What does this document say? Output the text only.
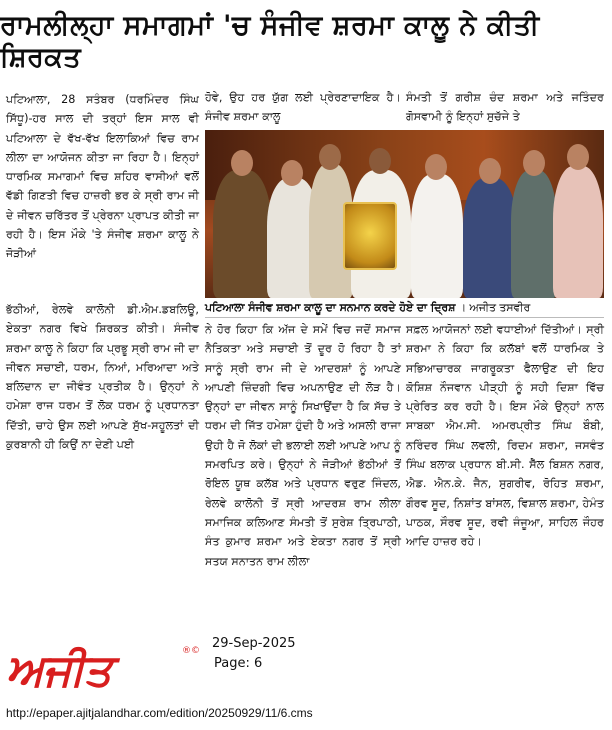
ਰਾਮਲੀਲ੍ਹਾ ਸਮਾਗਮਾਂ 'ਚ ਸੰਜੀਵ ਸ਼ਰਮਾ ਕਾਲੂ ਨੇ ਕੀਤੀ ਸ਼ਿਰਕਤ

ਪਟਿਆਲਾ, 28 ਸਤੰਬਰ (ਧਰਮਿੰਦਰ ਸਿੰਘ ਸਿੱਧੂ)-ਹਰ ਸਾਲ ਦੀ ਤਰ੍ਹਾਂ ਇਸ ਸਾਲ ਵੀ ਪਟਿਆਲਾ ਦੇ ਵੱਖ-ਵੱਖ ਇਲਾਕਿਆਂ ਵਿਚ ਰਾਮ ਲੀਲਾ ਦਾ ਆਯੋਜਨ ਕੀਤਾ ਜਾ ਰਿਹਾ ਹੈ। ਇਨ੍ਹਾਂ ਧਾਰਮਿਕ ਸਮਾਗਮਾਂ ਵਿਚ ਸ਼ਹਿਰ ਵਾਸੀਆਂ ਵਲੋਂ ਵੱਡੀ ਗਿਣਤੀ ਵਿਚ ਹਾਜ਼ਰੀ ਭਰ ਕੇ ਸ੍ਰੀ ਰਾਮ ਜੀ ਦੇ ਜੀਵਨ ਚਰਿੱਤਰ ਤੋਂ ਪ੍ਰੇਰਨਾ ਪ੍ਰਾਪਤ ਕੀਤੀ ਜਾ ਰਹੀ ਹੈ। ਇਸ ਮੌਕੇ 'ਤੇ ਸੰਜੀਵ ਸ਼ਰਮਾ ਕਾਲੂ ਨੇ ਜੋੜੀਆਂ

ਭੱਠੀਆਂ, ਰੇਲਵੇ ਕਾਲੋਨੀ ਡੀ.ਐਮ.ਡਬਲਿਊ, ਏਕਤਾ ਨਗਰ ਵਿਖੇ ਸ਼ਿਰਕਤ ਕੀਤੀ। ਸੰਜੀਵ ਸ਼ਰਮਾ ਕਾਲੂ ਨੇ ਕਿਹਾ ਕਿ ਪ੍ਰਭੂ ਸ੍ਰੀ ਰਾਮ ਜੀ ਦਾ ਜੀਵਨ ਸਚਾਈ, ਧਰਮ, ਨਿਆਂ, ਮਰਿਆਦਾ ਅਤੇ ਬਲਿਦਾਨ ਦਾ ਜੀਵੰਤ ਪ੍ਰਤੀਕ ਹੈ। ਉਨ੍ਹਾਂ ਨੇ ਹਮੇਸ਼ਾ ਰਾਜ ਧਰਮ ਤੋਂ ਲੋਕ ਧਰਮ ਨੂੰ ਪ੍ਰਧਾਨਤਾ ਦਿੱਤੀ, ਚਾਹੇ ਉਸ ਲਈ ਆਪਣੇ ਸੁੱਖ-ਸਹੂਲਤਾਂ ਦੀ ਕੁਰਬਾਨੀ ਹੀ ਕਿਉਂ ਨਾ ਦੇਣੀ ਪਈ

ਹੋਵੇ, ਉਹ ਹਰ ਯੁੱਗ ਲਈ ਪ੍ਰੇਰਣਾਦਾਇਕ ਹੈ। ਸੰਜੀਵ ਸ਼ਰਮਾ ਕਾਲੂ

ਸੰਮਤੀ ਤੋਂ ਗਰੀਸ਼ ਚੰਦ ਸ਼ਰਮਾ ਅਤੇ ਜਤਿੰਦਰ ਗੋਸਵਾਮੀ ਨੂੰ ਇਨ੍ਹਾਂ ਸੁਚੱਜੇ ਤੇ

ਪਟਿਆਲਾ ਸੰਜੀਵ ਸ਼ਰਮਾ ਕਾਲੂ ਦਾ ਸਨਮਾਨ ਕਰਦੇ ਹੋਏ ਦਾ ਦ੍ਰਿਸ਼ । ਅਜੀਤ ਤਸਵੀਰ

ਨੇ ਹੋਰ ਕਿਹਾ ਕਿ ਅੱਜ ਦੇ ਸਮੇਂ ਵਿਚ ਜਦੋਂ ਸਮਾਜ ਨੈਤਿਕਤਾ ਅਤੇ ਸਚਾਈ ਤੋਂ ਦੂਰ ਹੋ ਰਿਹਾ ਹੈ ਤਾਂ ਸਾਨੂੰ ਸ੍ਰੀ ਰਾਮ ਜੀ ਦੇ ਆਦਰਸ਼ਾਂ ਨੂੰ ਆਪਣੇ ਆਪਣੀ ਜ਼ਿੰਦਗੀ ਵਿਚ ਅਪਨਾਉਣ ਦੀ ਲੋੜ ਹੈ। ਉਨ੍ਹਾਂ ਦਾ ਜੀਵਨ ਸਾਨੂੰ ਸਿਖਾਉਂਦਾ ਹੈ ਕਿ ਸੱਚ ਤੇ ਧਰਮ ਦੀ ਜਿੱਤ ਹਮੇਸ਼ਾ ਹੁੰਦੀ ਹੈ ਅਤੇ ਅਸਲੀ ਰਾਜਾ ਉਹੀ ਹੈ ਜੋ ਲੋਕਾਂ ਦੀ ਭਲਾਈ ਲਈ ਆਪਣੇ ਆਪ ਨੂੰ ਸਮਰਪਿਤ ਕਰੇ। ਉਨ੍ਹਾਂ ਨੇ ਜੋੜੀਆਂ ਭੱਠੀਆਂ ਤੋਂ ਰੋਇਲ ਯੂਥ ਕਲੱਬ ਅਤੇ ਪ੍ਰਧਾਨ ਵਰੁਣ ਜਿੰਦਲ, ਰੇਲਵੇ ਕਾਲੋਨੀ ਤੋਂ ਸ੍ਰੀ ਆਦਰਸ਼ ਰਾਮ ਲੀਲਾ ਸਮਾਜਿਕ ਕਲਿਆਣ ਸੰਮਤੀ ਤੋਂ ਸੁਰੇਸ਼ ਤ੍ਰਿਪਾਠੀ, ਸੰਤ ਕੁਮਾਰ ਸ਼ਰਮਾ ਅਤੇ ਏਕਤਾ ਨਗਰ ਤੋਂ ਸ੍ਰੀ ਸਤਯ ਸਨਾਤਨ ਰਾਮ ਲੀਲਾ

ਸਫ਼ਲ ਆਯੋਜਨਾਂ ਲਈ ਵਧਾਈਆਂ ਦਿੱਤੀਆਂ। ਸ੍ਰੀ ਸ਼ਰਮਾ ਨੇ ਕਿਹਾ ਕਿ ਕਲੱਬਾਂ ਵਲੋਂ ਧਾਰਮਿਕ ਤੇ ਸਭਿਆਚਾਰਕ ਜਾਗਰੂਕਤਾ ਫੈਲਾਉਣ ਦੀ ਇਹ ਕੋਸ਼ਿਸ਼ ਨੌਜਵਾਨ ਪੀੜ੍ਹੀ ਨੂੰ ਸਹੀ ਦਿਸ਼ਾ ਵਿੱਚ ਪ੍ਰੇਰਿਤ ਕਰ ਰਹੀ ਹੈ। ਇਸ ਮੌਕੇ ਉਨ੍ਹਾਂ ਨਾਲ ਸਾਬਕਾ ਐਮ.ਸੀ. ਅਮਰਪ੍ਰੀਤ ਸਿੰਘ ਬੌਬੀ, ਨਰਿੰਦਰ ਸਿੰਘ ਲਵਲੀ, ਰਿਦਮ ਸ਼ਰਮਾ, ਜਸਵੰਤ ਸਿੰਘ ਬਲਾਕ ਪ੍ਰਧਾਨ ਬੀ.ਸੀ. ਸੈੱਲ ਬਿਸ਼ਨ ਨਗਰ, ਐਡ. ਐਨ.ਕੇ. ਜੈਨ, ਸੁਗਰੀਵ, ਰੋਹਿਤ ਸ਼ਰਮਾ, ਗੌਰਵ ਸੂਦ, ਨਿਸ਼ਾਂਤ ਬਾਂਸਲ, ਵਿਸ਼ਾਲ ਸ਼ਰਮਾ, ਹੇਮੰਤ ਪਾਠਕ, ਸੌਰਵ ਸੂਦ, ਰਵੀ ਜੰਜੂਆ, ਸਾਹਿਲ ਜੌਹਰ ਆਦਿ ਹਾਜ਼ਰ ਰਹੇ।

ਅਜੀਤ	®© 29-Sep-2025
Page: 6
http://epaper.ajitjalandhar.com/edition/20250929/11/6.cms
